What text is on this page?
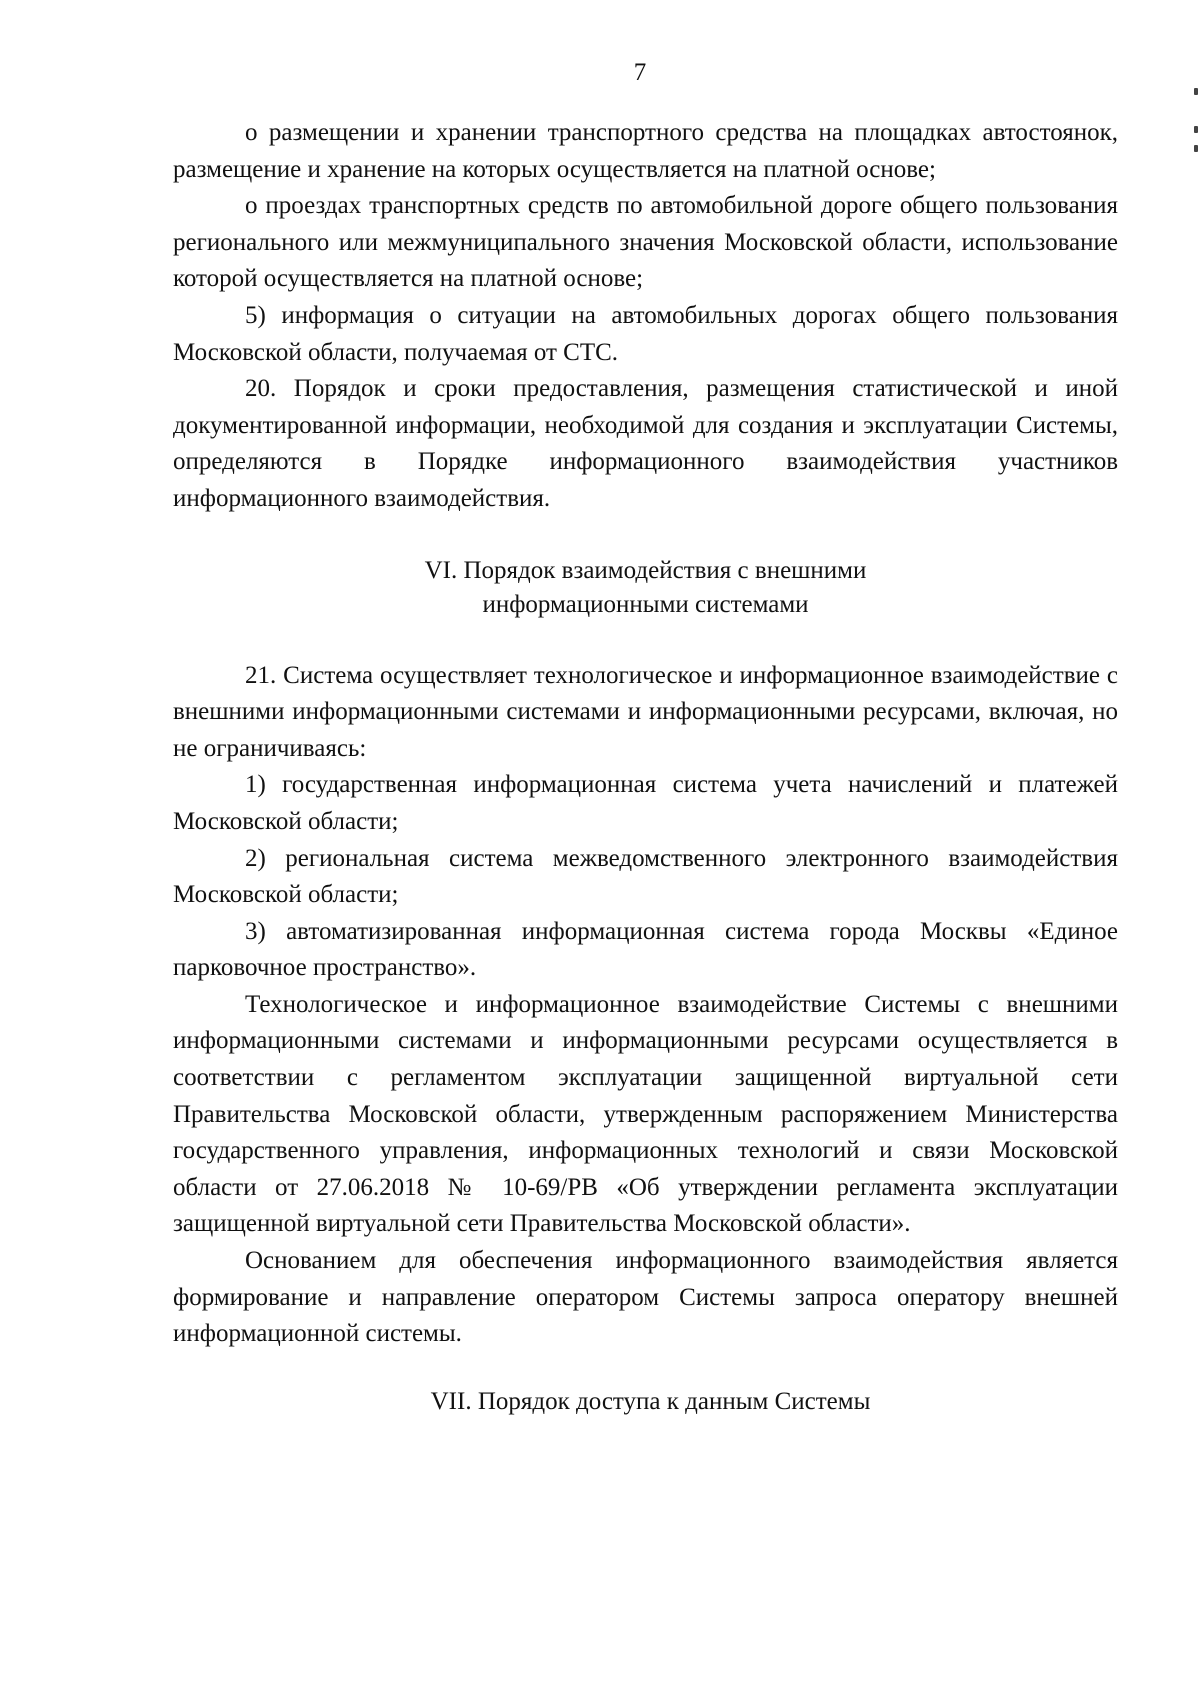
7

о размещении и хранении транспортного средства на площадках автостоянок, размещение и хранение на которых осуществляется на платной основе;

о проездах транспортных средств по автомобильной дороге общего пользования регионального или межмуниципального значения Московской области, использование которой осуществляется на платной основе;

5) информация о ситуации на автомобильных дорогах общего пользования Московской области, получаемая от СТС.

20. Порядок и сроки предоставления, размещения статистической и иной документированной информации, необходимой для создания и эксплуатации Системы, определяются в Порядке информационного взаимодействия участников информационного взаимодействия.

VI. Порядок взаимодействия с внешними
информационными системами

21. Система осуществляет технологическое и информационное взаимодействие с внешними информационными системами и информационными ресурсами, включая, но не ограничиваясь:

1) государственная информационная система учета начислений и платежей Московской области;

2) региональная система межведомственного электронного взаимодействия Московской области;

3) автоматизированная информационная система города Москвы «Единое парковочное пространство».

Технологическое и информационное взаимодействие Системы с внешними информационными системами и информационными ресурсами осуществляется в соответствии с регламентом эксплуатации защищенной виртуальной сети Правительства Московской области, утвержденным распоряжением Министерства государственного управления, информационных технологий и связи Московской области от 27.06.2018 № 10-69/РВ «Об утверждении регламента эксплуатации защищенной виртуальной сети Правительства Московской области».

Основанием для обеспечения информационного взаимодействия является формирование и направление оператором Системы запроса оператору внешней информационной системы.

VII. Порядок доступа к данным Системы
